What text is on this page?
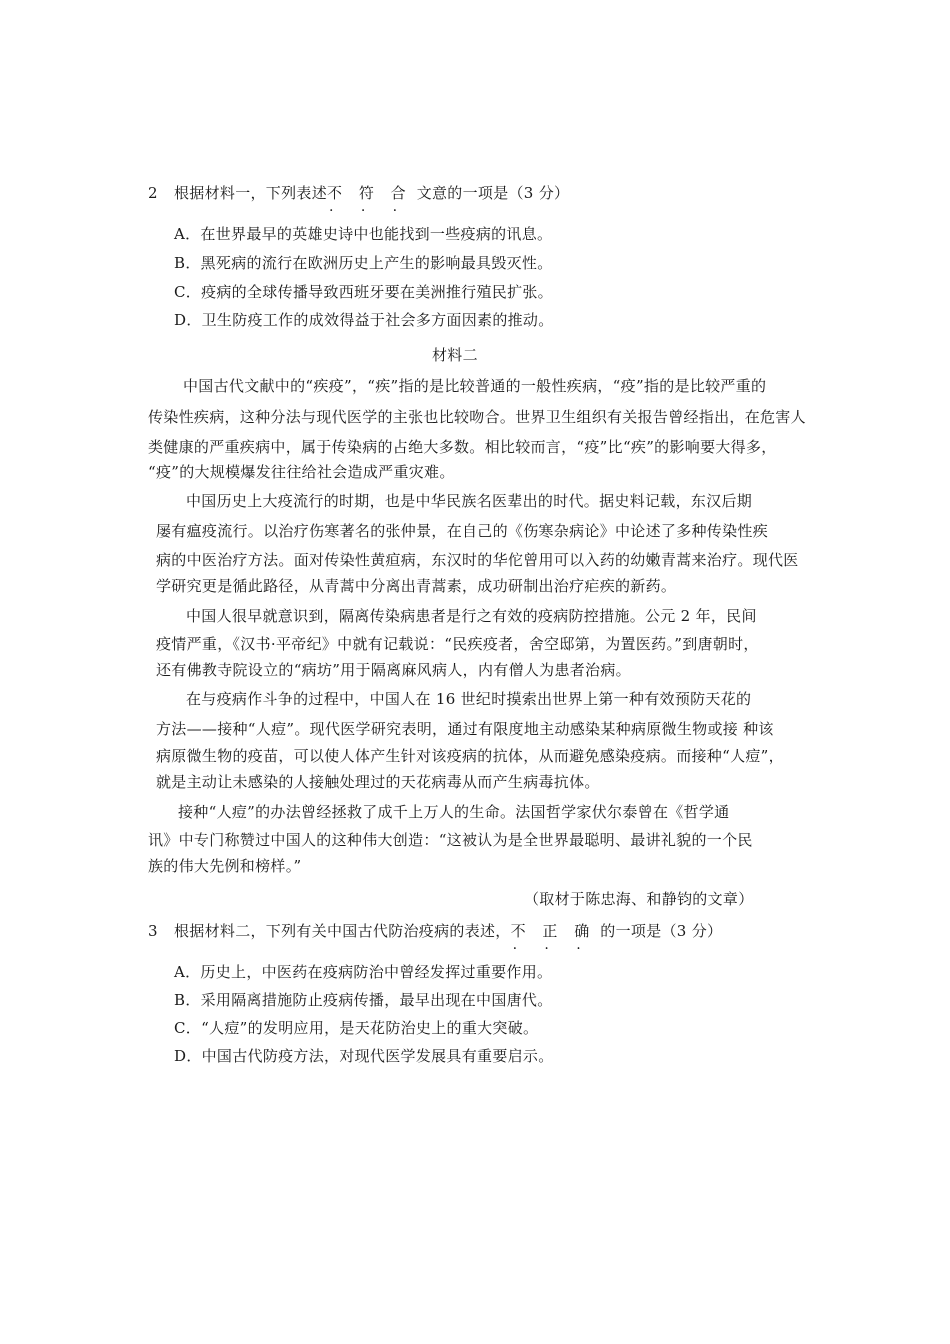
2 根据材料一，下列表述不 符 合 文意的一项是（3 分）
A．在世界最早的英雄史诗中也能找到一些疫病的讯息。
B．黑死病的流行在欧洲历史上产生的影响最具毁灭性。
C．疫病的全球传播导致西班牙要在美洲推行殖民扩张。
D．卫生防疫工作的成效得益于社会多方面因素的推动。
材料二
中国古代文献中的“疾疫”，“疾”指的是比较普通的一般性疾病，“疫”指的是比较严重的
传染性疾病，这种分法与现代医学的主张也比较吻合。世界卫生组织有关报告曾经指出，在危害人
类健康的严重疾病中，属于传染病的占绝大多数。相比较而言，“疫”比“疾”的影响要大得多，
“疫”的大规模爆发往往给社会造成严重灾难。
中国历史上大疫流行的时期，也是中华民族名医辈出的时代。据史料记载，东汉后期
屡有瘟疫流行。以治疗伤寒著名的张仲景，在自己的《伤寒杂病论》中论述了多种传染性疾
病的中医治疗方法。面对传染性黄疸病，东汉时的华佗曾用可以入药的幼嫩青蒿来治疗。现代医
学研究更是循此路径，从青蒿中分离出青蒿素，成功研制出治疗疟疾的新药。
中国人很早就意识到，隔离传染病患者是行之有效的疫病防控措施。公元 2 年，民间
疫情严重，《汉书·平帝纪》中就有记载说：“民疾疫者，舍空邸第，为置医药。”到唐朝时，
还有佛教寺院设立的“病坊”用于隔离麻风病人，内有僧人为患者治病。
在与疫病作斗争的过程中，中国人在 16 世纪时摸索出世界上第一种有效预防天花的
方法——接种“人痘”。现代医学研究表明，通过有限度地主动感染某种病原微生物或接 种该
病原微生物的疫苗，可以使人体产生针对该疫病的抗体，从而避免感染疫病。而接种“人痘”，
就是主动让未感染的人接触处理过的天花病毒从而产生病毒抗体。
接种“人痘”的办法曾经拯救了成千上万人的生命。法国哲学家伏尔泰曾在《哲学通
讯》中专门称赞过中国人的这种伟大创造：“这被认为是全世界最聪明、最讲礼貌的一个民
族的伟大先例和榜样。”
（取材于陈忠海、和静钧的文章）
3 根据材料二，下列有关中国古代防治疫病的表述，不 正 确 的一项是（3 分）
A．历史上，中医药在疫病防治中曾经发挥过重要作用。
B．采用隔离措施防止疫病传播，最早出现在中国唐代。
C．“人痘”的发明应用，是天花防治史上的重大突破。
D．中国古代防疫方法，对现代医学发展具有重要启示。
